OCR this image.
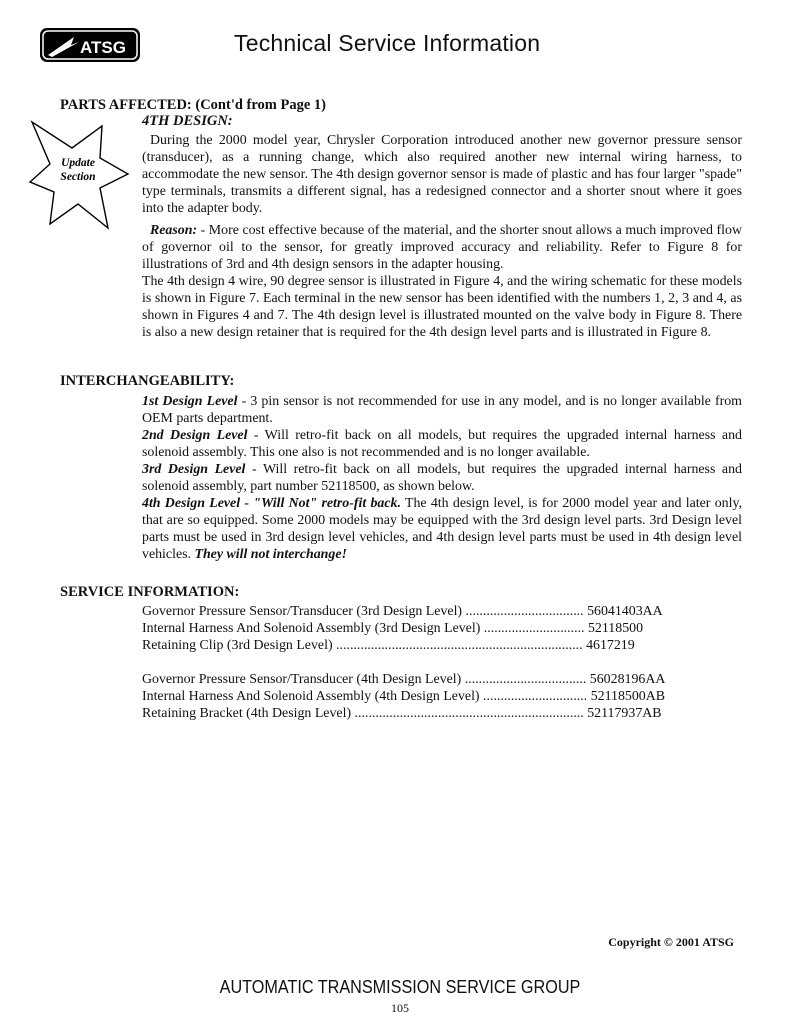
ATSG	Technical Service Information
PARTS AFFECTED: (Cont'd from Page 1)
4TH DESIGN:
Update
Section

During the 2000 model year, Chrysler Corporation introduced another new governor pressure sensor (transducer), as a running change, which also required another new internal wiring harness, to accommodate the new sensor. The 4th design governor sensor is made of plastic and has four larger "spade" type terminals, transmits a different signal, has a redesigned connector and a shorter snout where it goes into the adapter body.

Reason: - More cost effective because of the material, and the shorter snout allows a much improved flow of governor oil to the sensor, for greatly improved accuracy and reliability. Refer to Figure 8 for illustrations of 3rd and 4th design sensors in the adapter housing.

The 4th design 4 wire, 90 degree sensor is illustrated in Figure 4, and the wiring schematic for these models is shown in Figure 7. Each terminal in the new sensor has been identified with the numbers 1, 2, 3 and 4, as shown in Figures 4 and 7. The 4th design level is illustrated mounted on the valve body in Figure 8. There is also a new design retainer that is required for the 4th design level parts and is illustrated in Figure 8.

INTERCHANGEABILITY:

1st Design Level - 3 pin sensor is not recommended for use in any model, and is no longer available from OEM parts department.

2nd Design Level - Will retro-fit back on all models, but requires the upgraded internal harness and solenoid assembly. This one also is not recommended and is no longer available.

3rd Design Level - Will retro-fit back on all models, but requires the upgraded internal harness and solenoid assembly, part number 52118500, as shown below.

4th Design Level - "Will Not" retro-fit back. The 4th design level, is for 2000 model year and later only, that are so equipped. Some 2000 models may be equipped with the 3rd design level parts. 3rd Design level parts must be used in 3rd design level vehicles, and 4th design level parts must be used in 4th design level vehicles. They will not interchange!

SERVICE INFORMATION:
Governor Pressure Sensor/Transducer (3rd Design Level) .................................. 56041403AA
Internal Harness And Solenoid Assembly (3rd Design Level) ............................. 52118500
Retaining Clip (3rd Design Level) ....................................................................... 4617219
Governor Pressure Sensor/Transducer (4th Design Level) ................................... 56028196AA
Internal Harness And Solenoid Assembly (4th Design Level) .............................. 52118500AB
Retaining Bracket (4th Design Level) .................................................................. 52117937AB
Copyright © 2001 ATSG
AUTOMATIC TRANSMISSION SERVICE GROUP
105
